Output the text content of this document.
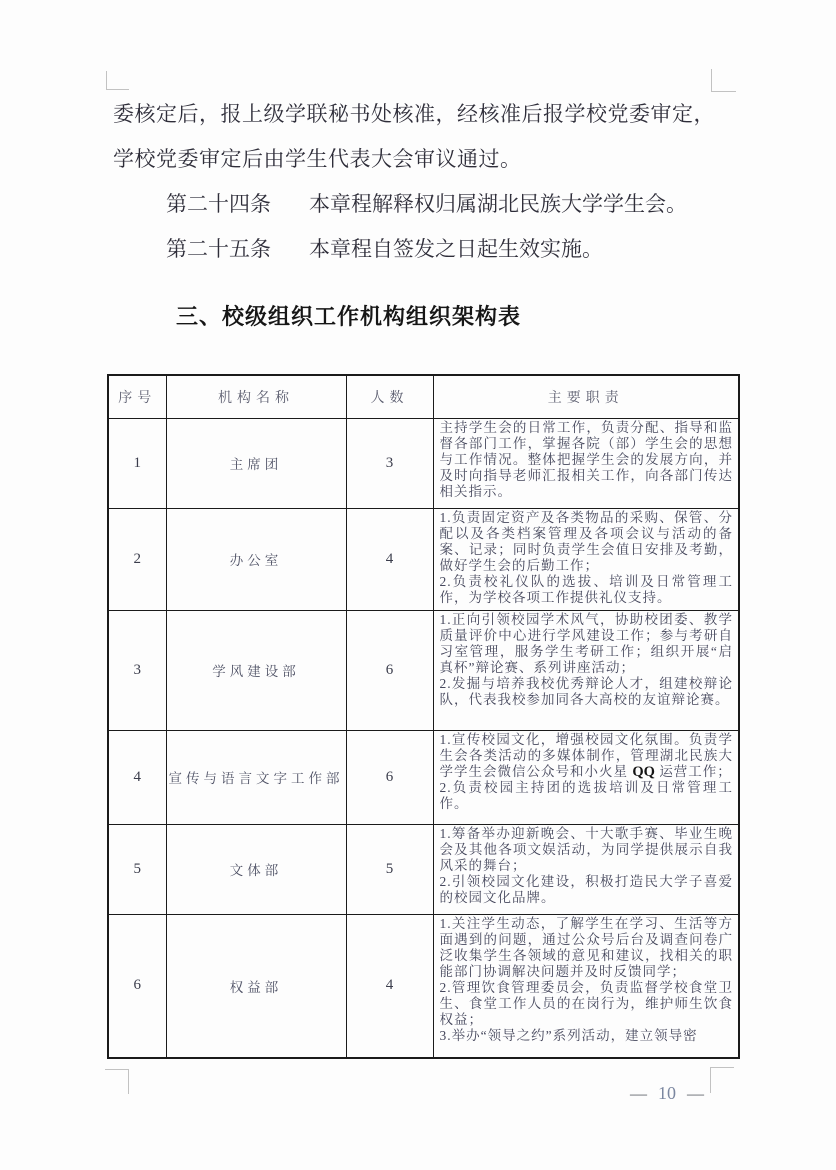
委核定后，报上级学联秘书处核准，经核准后报学校党委审定，
学校党委审定后由学生代表大会审议通过。
第二十四条 本章程解释权归属湖北民族大学学生会。
第二十五条 本章程自签发之日起生效实施。
三、校级组织工作机构组织架构表
序号	机构名称	人数	主要职责
1	主席团	3	主持学生会的日常工作，负责分配、指导和监督各部门工作，掌握各院（部）学生会的思想与工作情况。整体把握学生会的发展方向，并及时向指导老师汇报相关工作，向各部门传达相关指示。

2	办公室	4	1.负责固定资产及各类物品的采购、保管、分配以及各类档案管理及各项会议与活动的备案、记录；同时负责学生会值日安排及考勤，做好学生会的后勤工作；
2.负责校礼仪队的选拔、培训及日常管理工作，为学校各项工作提供礼仪支持。

3	学风建设部	6	1.正向引领校园学术风气，协助校团委、教学质量评价中心进行学风建设工作；参与考研自习室管理，服务学生考研工作；组织开展“启真杯”辩论赛、系列讲座活动；
2.发掘与培养我校优秀辩论人才，组建校辩论队，代表我校参加同各大高校的友谊辩论赛。

4	宣传与语言文字工作部	6	1.宣传校园文化，增强校园文化氛围。负责学生会各类活动的多媒体制作，管理湖北民族大学学生会微信公众号和小火星 QQ 运营工作；
2.负责校园主持团的选拔培训及日常管理工作。

5	文体部	5	1.筹备举办迎新晚会、十大歌手赛、毕业生晚会及其他各项文娱活动，为同学提供展示自我风采的舞台；
2.引领校园文化建设，积极打造民大学子喜爱的校园文化品牌。

6	权益部	4	1.关注学生动态，了解学生在学习、生活等方面遇到的问题，通过公众号后台及调查问卷广泛收集学生各领域的意见和建议，找相关的职能部门协调解决问题并及时反馈同学；
2.管理饮食管理委员会，负责监督学校食堂卫生、食堂工作人员的在岗行为，维护师生饮食权益；
3.举办“领导之约”系列活动，建立领导密
— 10 —
